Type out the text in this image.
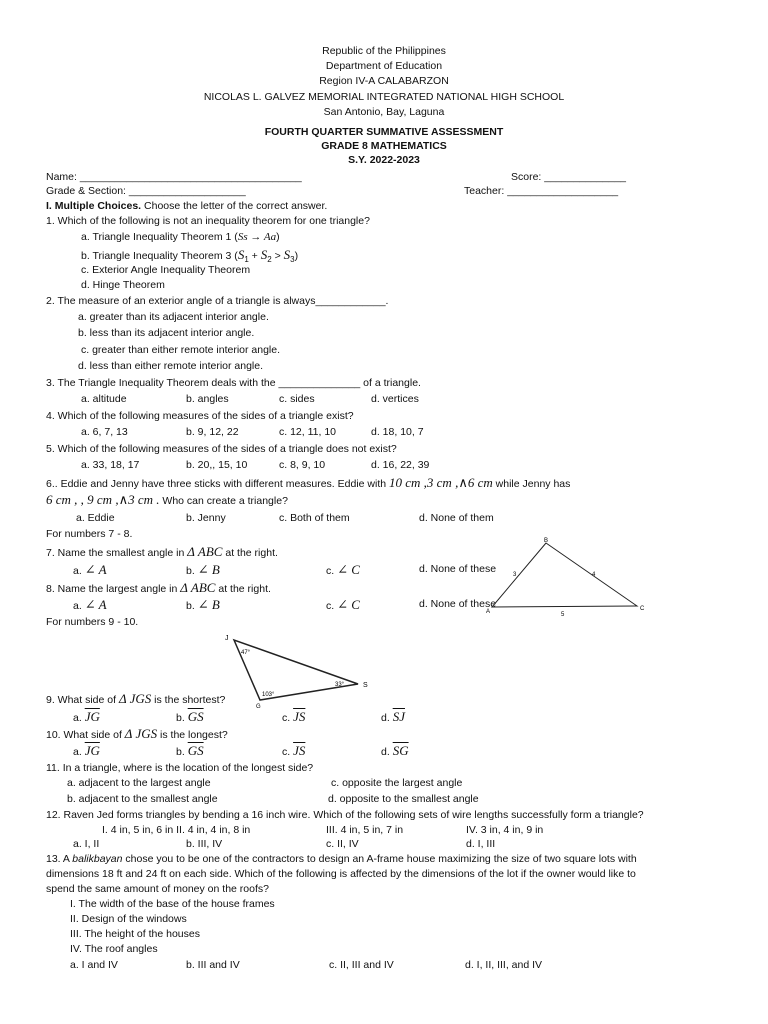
Republic of the Philippines
Department of Education
Region IV-A CALABARZON
NICOLAS L. GALVEZ MEMORIAL INTEGRATED NATIONAL HIGH SCHOOL
San Antonio, Bay, Laguna
FOURTH QUARTER SUMMATIVE ASSESSMENT
GRADE 8 MATHEMATICS
S.Y. 2022-2023
Name: ______________________________________	Score: ______________
Grade & Section: ____________________	Teacher: ___________________
I. Multiple Choices. Choose the letter of the correct answer.
1. Which of the following is not an inequality theorem for one triangle?
a. Triangle Inequality Theorem 1 (Ss → Aa)
b. Triangle Inequality Theorem 3 $(S_1 + S_2 > S_3)$
c. Exterior Angle Inequality Theorem
d. Hinge Theorem
2. The measure of an exterior angle of a triangle is always____________.
a. greater than its adjacent interior angle.
b. less than its adjacent interior angle.
c. greater than either remote interior angle.
d. less than either remote interior angle.
3. The Triangle Inequality Theorem deals with the ______________ of a triangle.
a. altitude	b. angles	c. sides	d. vertices
4. Which of the following measures of the sides of a triangle exist?
a. 6, 7, 13	b. 9, 12, 22	c. 12, 11, 10	d. 18, 10, 7
5. Which of the following measures of the sides of a triangle does not exist?
a. 33, 18, 17	b. 20,, 15, 10	c. 8, 9, 10	d. 16, 22, 39
6.. Eddie and Jenny have three sticks with different measures. Eddie with 10 cm ,3 cm ,∧6 cm while Jenny has
6 cm , , 9 cm ,∧3 cm . Who can create a triangle?
a. Eddie	b. Jenny	c. Both of them	d. None of them
For numbers 7 - 8.
7. Name the smallest angle in Δ ABC at the right.
a. ∠ A	b. ∠ B	c. ∠ C	d. None of these
8. Name the largest angle in Δ ABC at the right.
a. ∠ A	b. ∠ B	c. ∠ C	d. None of these
B
A	C
3	4
5
For numbers 9 - 10.
J
G
S
47°
33°
103°
9. What side of Δ JGS is the shortest?
a. $\overline{JG}$	b. $\overline{GS}$	c. $\overline{JS}$	d. $\overline{SJ}$
10. What side of Δ JGS is the longest?
a. $\overline{JG}$	b. $\overline{GS}$	c. $\overline{JS}$	d. $\overline{SG}$
11. In a triangle, where is the location of the longest side?
a. adjacent to the largest angle	c. opposite the largest angle
b. adjacent to the smallest angle	d. opposite to the smallest angle
12. Raven Jed forms triangles by bending a 16 inch wire. Which of the following sets of wire lengths successfully form a triangle?
I. 4 in, 5 in, 6 in II. 4 in, 4 in, 8 in	III. 4 in, 5 in, 7 in	IV. 3 in, 4 in, 9 in
a. I, II	b. III, IV	c. II, IV	d. I, III
13. A balikbayan chose you to be one of the contractors to design an A-frame house maximizing the size of two square lots with
dimensions 18 ft and 24 ft on each side. Which of the following is affected by the dimensions of the lot if the owner would like to
spend the same amount of money on the roofs?
I. The width of the base of the house frames
II. Design of the windows
III. The height of the houses
IV. The roof angles
a. I and IV	b. III and IV	c. II, III and IV	d. I, II, III, and IV
